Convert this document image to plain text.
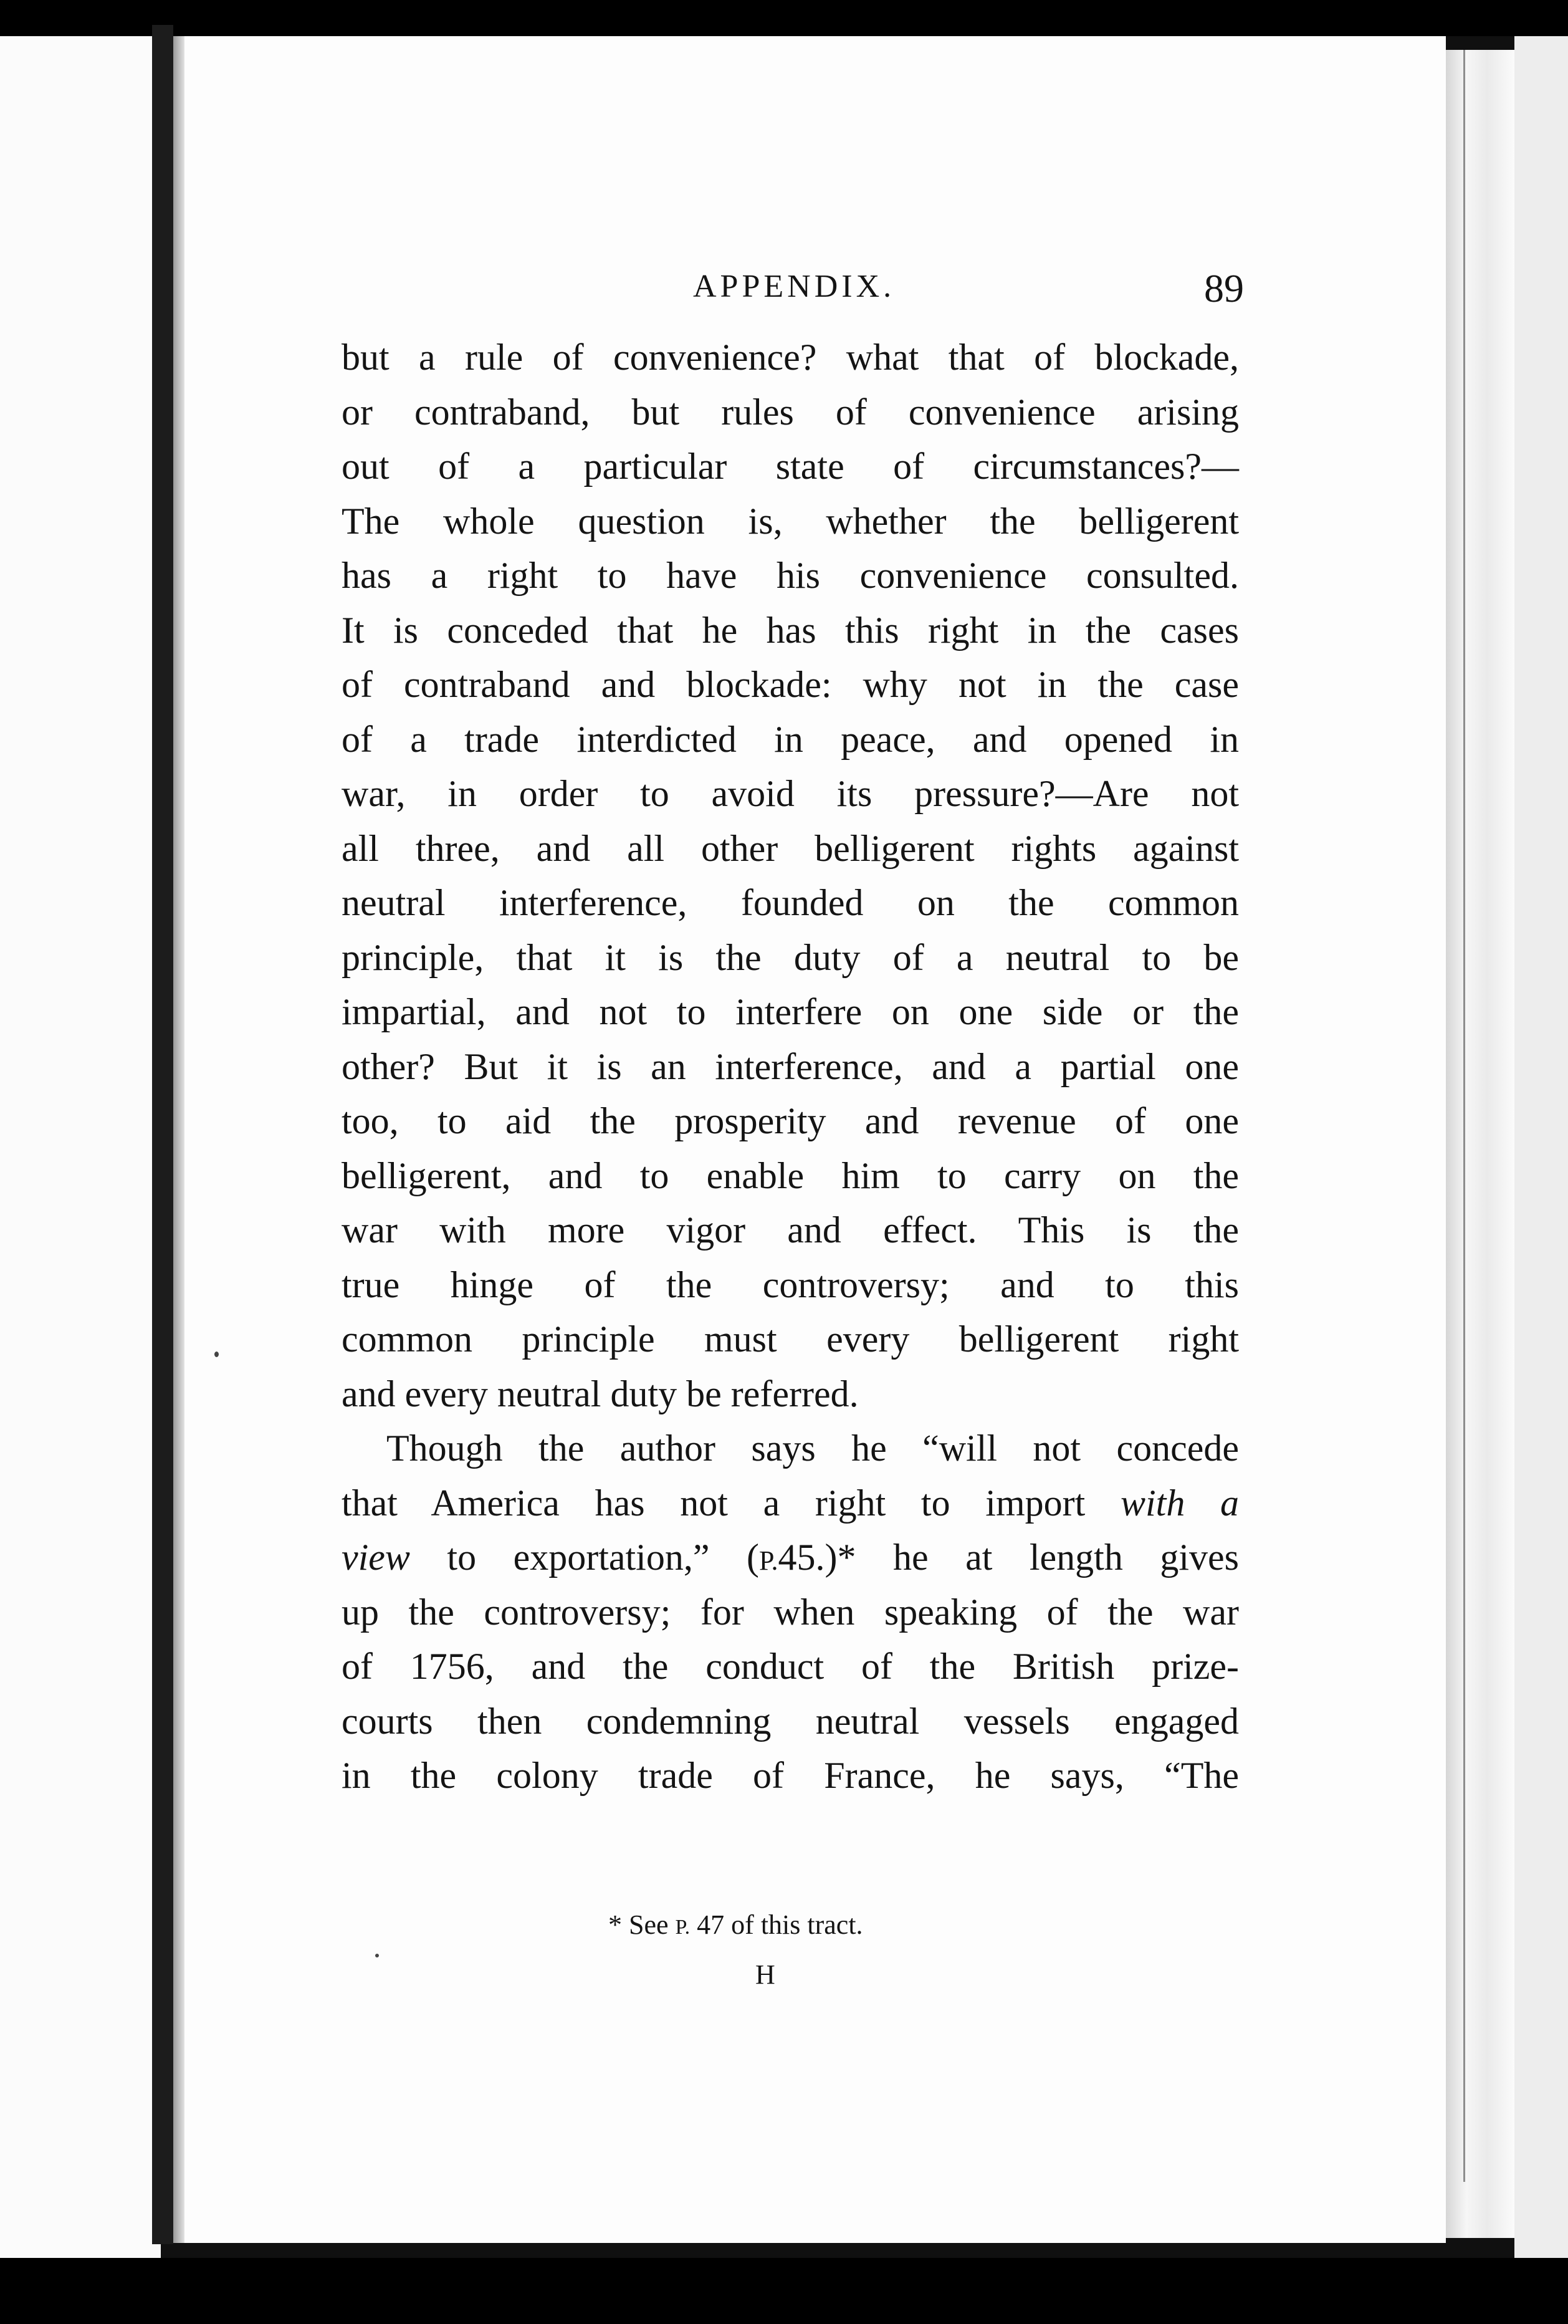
APPENDIX.	89
but a rule of convenience? what that of blockade,
or contraband, but rules of convenience arising
out of a particular state of circumstances?—
The whole question is, whether the belligerent
has a right to have his convenience consulted.
It is conceded that he has this right in the cases
of contraband and blockade: why not in the case
of a trade interdicted in peace, and opened in
war, in order to avoid its pressure?—Are not
all three, and all other belligerent rights against
neutral interference, founded on the common
principle, that it is the duty of a neutral to be
impartial, and not to interfere on one side or the
other? But it is an interference, and a partial one
too, to aid the prosperity and revenue of one
belligerent, and to enable him to carry on the
war with more vigor and effect. This is the
true hinge of the controversy; and to this
common principle must every belligerent right
and every neutral duty be referred.
Though the author says he “will not concede
that America has not a right to import with a
view to exportation,” (P.45.)* he at length gives
up the controversy; for when speaking of the war
of 1756, and the conduct of the British prize-
courts then condemning neutral vessels engaged
in the colony trade of France, he says, “The
* See P. 47 of this tract.
H
